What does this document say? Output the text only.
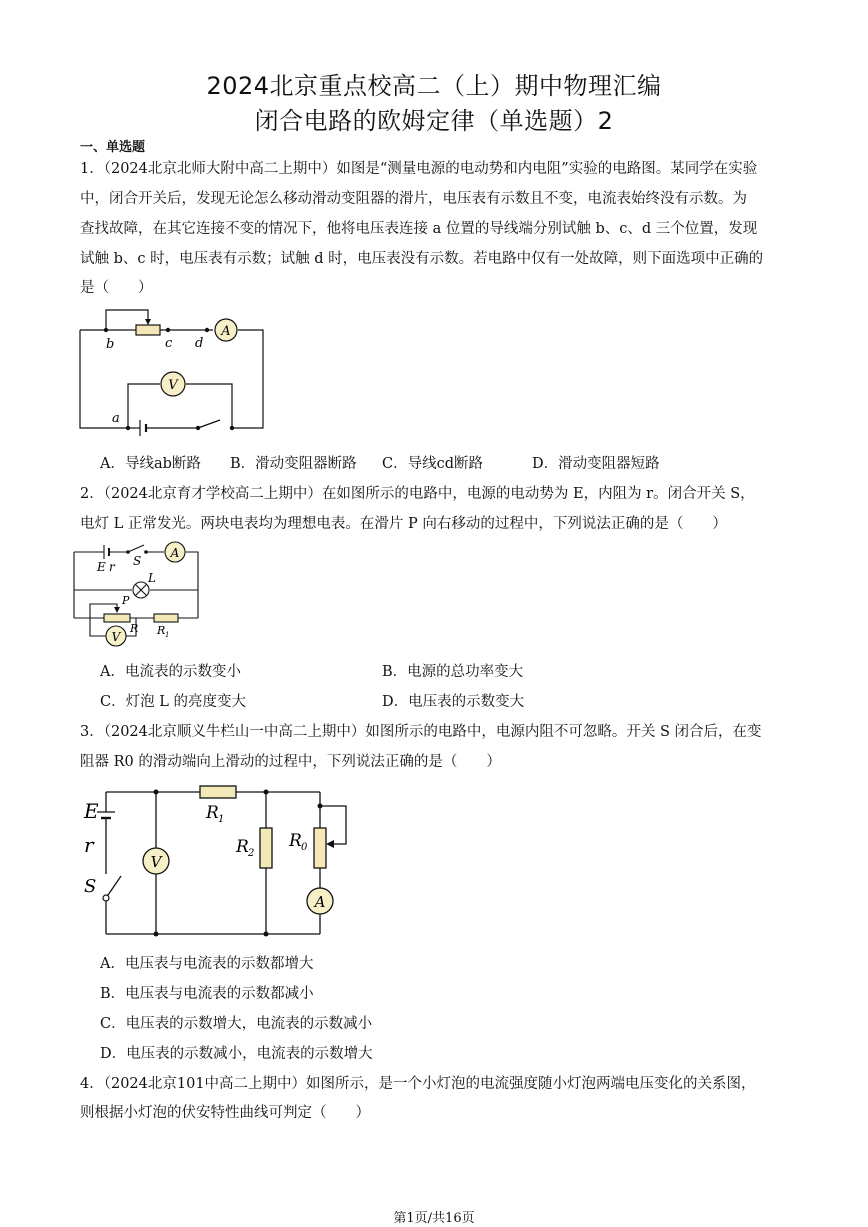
2024北京重点校高二（上）期中物理汇编
闭合电路的欧姆定律（单选题）2
一、单选题
1．（2024北京北师大附中高二上期中）如图是“测量电源的电动势和内电阻”实验的电路图。某同学在实验
中，闭合开关后，发现无论怎么移动滑动变阻器的滑片，电压表有示数且不变，电流表始终没有示数。为
查找故障，在其它连接不变的情况下，他将电压表连接 a 位置的导线端分别试触 b、c、d 三个位置，发现
试触 b、c 时，电压表有示数；试触 d 时，电压表没有示数。若电路中仅有一处故障，则下面选项中正确的
是（　　）
A
V
b	c d
a
A．导线ab断路 B．滑动变阻器断路 C．导线cd断路	D．滑动变阻器短路
2．（2024北京育才学校高二上期中）在如图所示的电路中，电源的电动势为 E，内阻为 r。闭合开关 S，
电灯 L 正常发光。两块电表均为理想电表。在滑片 P 向右移动的过程中，下列说法正确的是（　　）
A
V
E r S
L
P
R R 1
A．电流表的示数变小	B．电源的总功率变大
C．灯泡 L 的亮度变大	D．电压表的示数变大
3．（2024北京顺义牛栏山一中高二上期中）如图所示的电路中，电源内阻不可忽略。开关 S 闭合后，在变
阻器 R0 的滑动端向上滑动的过程中，下列说法正确的是（　　）
V
A
E
r
S
R 1
R 2
R 0
A．电压表与电流表的示数都增大
B．电压表与电流表的示数都减小
C．电压表的示数增大，电流表的示数减小
D．电压表的示数减小，电流表的示数增大
4．（2024北京101中高二上期中）如图所示，是一个小灯泡的电流强度随小灯泡两端电压变化的关系图，
则根据小灯泡的伏安特性曲线可判定（　　）
第1页/共16页
